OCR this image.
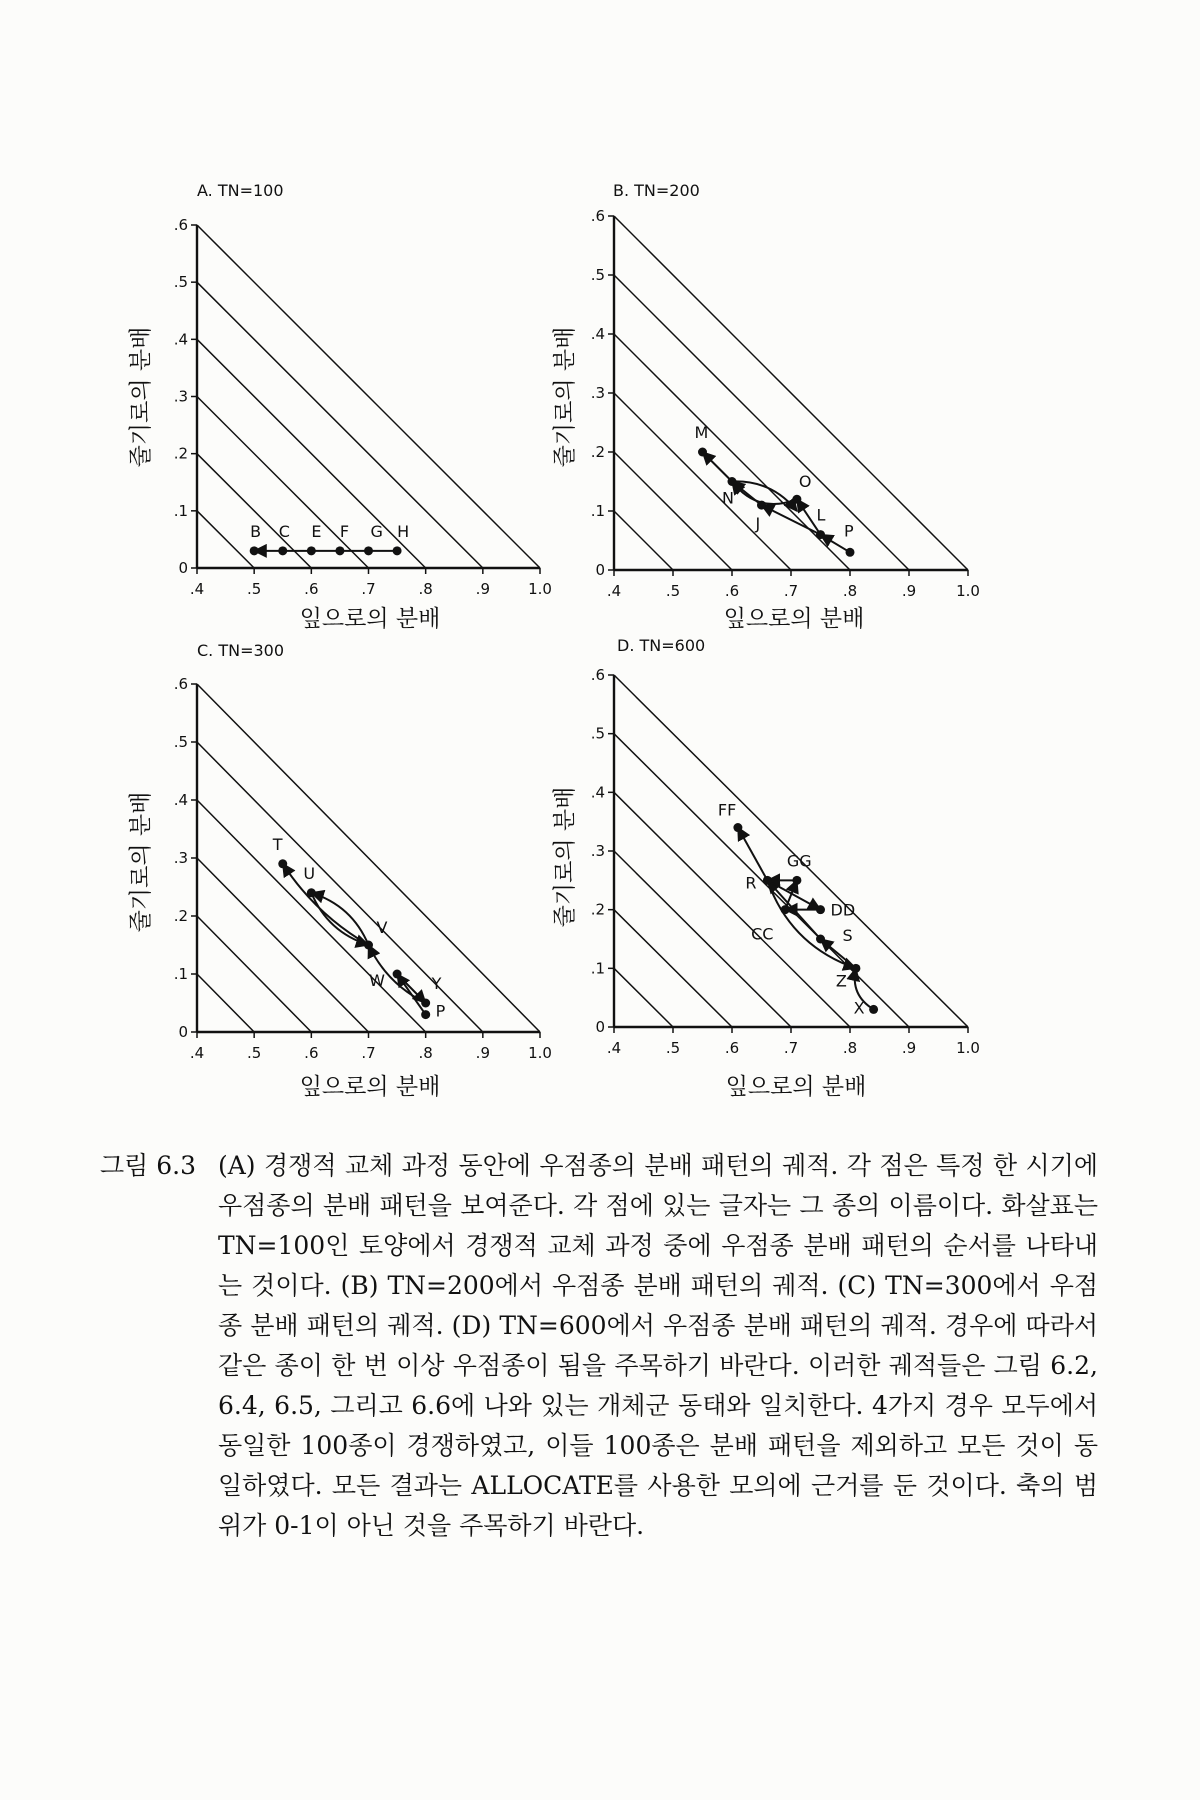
A. TN=100
줄기로의 분배
잎으로의 분배
.4	.5	.6	.7	.8	.9	1.0
0
.1
.2
.3
.4
.5
.6
B C E F G H
B. TN=200
줄기로의 분배
잎으로의 분배
.4	.5	.6	.7	.8	.9	1.0
0
.1
.2
.3
.4
.5
.6
M
N
O
J	L
P
C. TN=300
줄기로의 분배
잎으로의 분배
.4	.5	.6	.7	.8	.9	1.0
0
.1
.2
.3
.4
.5
.6
T
U
V
W	Y
P
D. TN=600
줄기로의 분배
잎으로의 분배
.4	.5	.6	.7	.8	.9	1.0
0
.1
.2
.3
.4
.5
.6
FF
GG
R
DD
S
CC
Z
X
그림 6.3 (A) 경쟁적 교체 과정 동안에 우점종의 분배 패턴의 궤적. 각 점은 특정 한 시기에 우점종의 분배 패턴을 보여준다. 각 점에 있는 글자는 그 종의 이름이다. 화살표는 TN=100인 토양에서 경쟁적 교체 과정 중에 우점종 분배 패턴의 순서를 나타내는 것이다. (B) TN=200에서 우점종 분배 패턴의 궤적. (C) TN=300에서 우점종 분배 패턴의 궤적. (D) TN=600에서 우점종 분배 패턴의 궤적. 경우에 따라서 같은 종이 한 번 이상 우점종이 됨을 주목하기 바란다. 이러한 궤적들은 그림 6.2, 6.4, 6.5, 그리고 6.6에 나와 있는 개체군 동태와 일치한다. 4가지 경우 모두에서 동일한 100종이 경쟁하였고, 이들 100종은 분배 패턴을 제외하고 모든 것이 동일하였다. 모든 결과는 ALLOCATE를 사용한 모의에 근거를 둔 것이다. 축의 범위가 0-1이 아닌 것을 주목하기 바란다.
